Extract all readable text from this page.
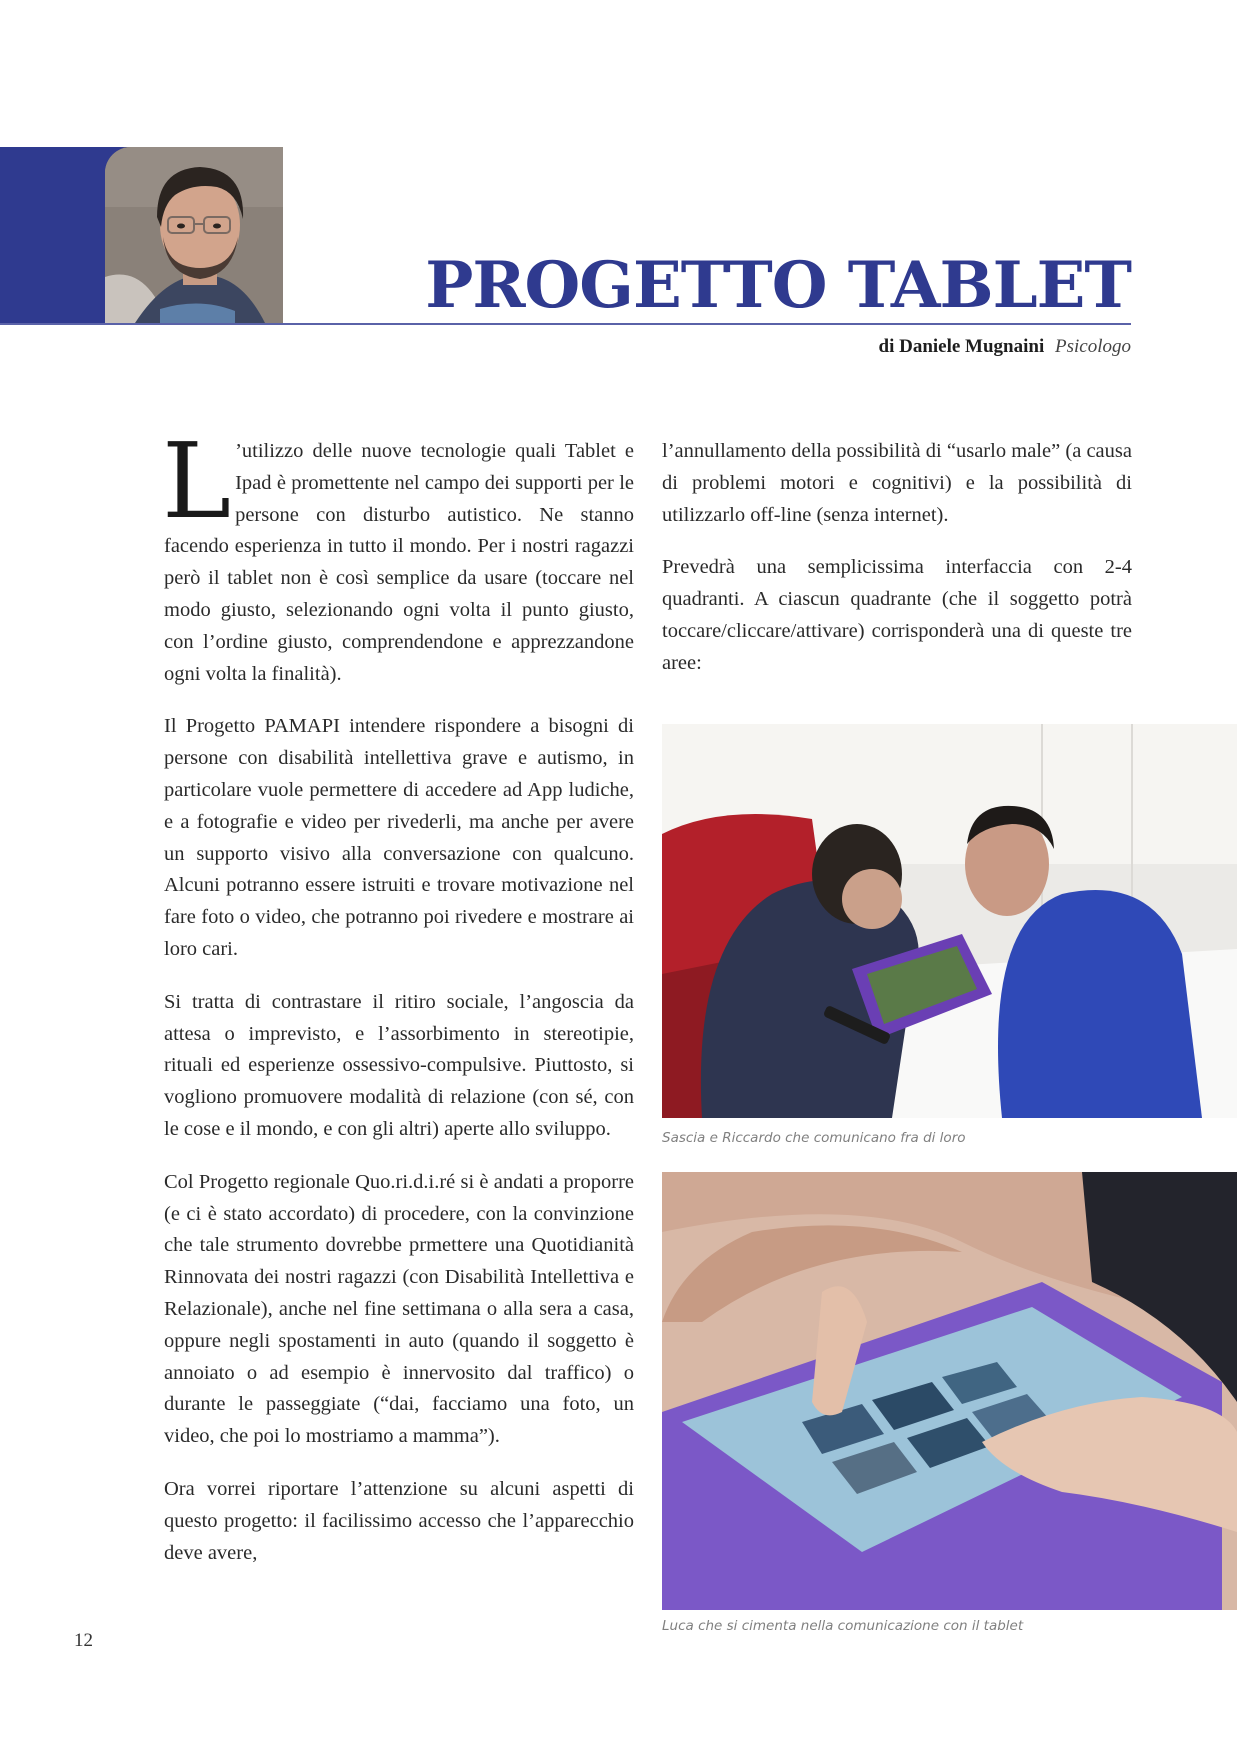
PROGETTO TABLET
di Daniele Mugnaini Psicologo

L ’utilizzo delle nuove tecnologie quali Tablet e Ipad è promettente nel campo dei supporti per le persone con disturbo autistico. Ne stanno facendo esperienza in tutto il mondo. Per i nostri ragazzi però il tablet non è così semplice da usare (toccare nel modo giusto, selezionando ogni volta il punto giusto, con l’ordine giusto, comprendendone e apprezzandone ogni volta la finalità).

Il Progetto PAMAPI intendere rispondere a bisogni di persone con disabilità intellettiva grave e autismo, in particolare vuole permettere di accedere ad App ludiche, e a fotografie e video per rivederli, ma anche per avere un supporto visivo alla conversazione con qualcuno. Alcuni potranno essere istruiti e trovare motivazione nel fare foto o video, che potranno poi rivedere e mostrare ai loro cari.

Si tratta di contrastare il ritiro sociale, l’angoscia da attesa o imprevisto, e l’assorbimento in stereotipie, rituali ed esperienze ossessivo-compulsive. Piuttosto, si vogliono promuovere modalità di relazione (con sé, con le cose e il mondo, e con gli altri) aperte allo sviluppo.

Col Progetto regionale Quo.ri.d.i.ré si è andati a proporre (e ci è stato accordato) di procedere, con la convinzione che tale strumento dovrebbe prmettere una Quotidianità Rinnovata dei nostri ragazzi (con Disabilità Intellettiva e Relazionale), anche nel fine settimana o alla sera a casa, oppure negli spostamenti in auto (quando il soggetto è annoiato o ad esempio è innervosito dal traffico) o durante le passeggiate (“dai, facciamo una foto, un video, che poi lo mostriamo a mamma”).

Ora vorrei riportare l’attenzione su alcuni aspetti di questo progetto: il facilissimo accesso che l’apparecchio deve avere,

l’annullamento della possibilità di “usarlo male” (a causa di problemi motori e cognitivi) e la possibilità di utilizzarlo off-line (senza internet).

Prevedrà una semplicissima interfaccia con 2-4 quadranti. A ciascun quadrante (che il soggetto potrà toccare/cliccare/attivare) corrisponderà una di queste tre aree:

Sascia e Riccardo che comunicano fra di loro
Luca che si cimenta nella comunicazione con il tablet
12
